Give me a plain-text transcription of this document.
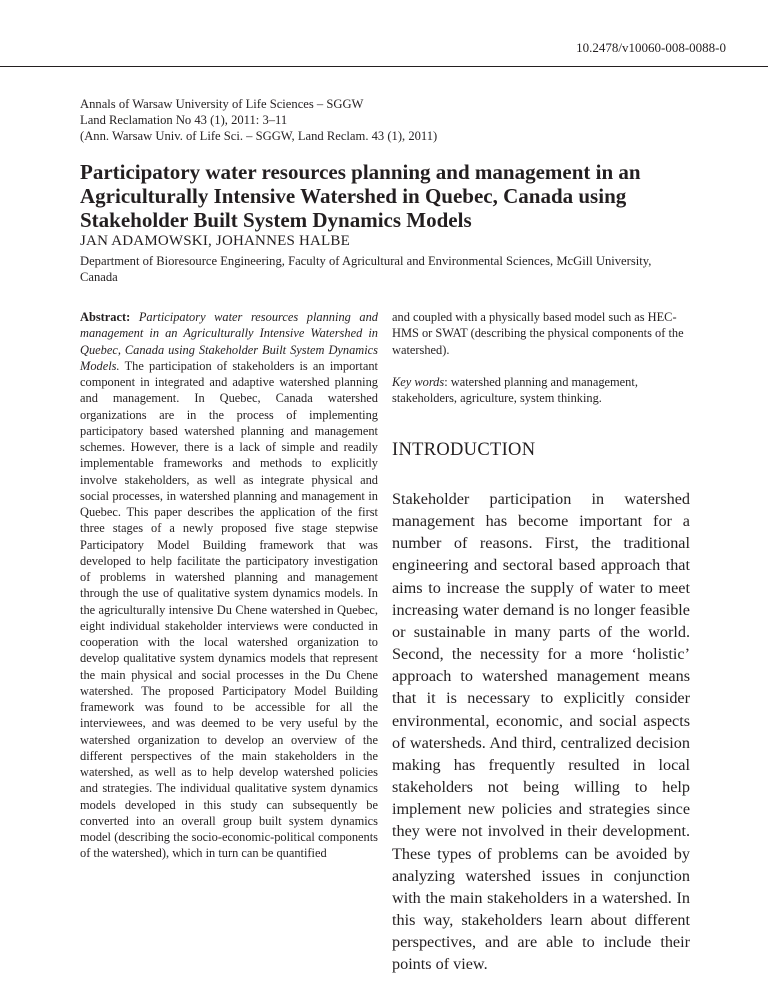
10.2478/v10060-008-0088-0
Annals of Warsaw University of Life Sciences – SGGW
Land Reclamation No 43 (1), 2011: 3–11
(Ann. Warsaw Univ. of Life Sci. – SGGW, Land Reclam. 43 (1), 2011)
Participatory water resources planning and management in an Agriculturally Intensive Watershed in Quebec, Canada using Stakeholder Built System Dynamics Models
JAN ADAMOWSKI, JOHANNES HALBE
Department of Bioresource Engineering, Faculty of Agricultural and Environmental Sciences, McGill University, Canada
Abstract: Participatory water resources planning and management in an Agriculturally Intensive Watershed in Quebec, Canada using Stakeholder Built System Dynamics Models. The participation of stakeholders is an important component in integrated and adaptive watershed planning and management. In Quebec, Canada watershed organizations are in the process of implementing participatory based watershed planning and management schemes. However, there is a lack of simple and readily implementable frameworks and methods to explicitly involve stakeholders, as well as integrate physical and social processes, in watershed planning and management in Quebec. This paper describes the application of the first three stages of a newly proposed five stage stepwise Participatory Model Building framework that was developed to help facilitate the participatory investigation of problems in watershed planning and management through the use of qualitative system dynamics models. In the agriculturally intensive Du Chene watershed in Quebec, eight individual stakeholder interviews were conducted in cooperation with the local watershed organization to develop qualitative system dynamics models that represent the main physical and social processes in the Du Chene watershed. The proposed Participatory Model Building framework was found to be accessible for all the interviewees, and was deemed to be very useful by the watershed organization to develop an overview of the different perspectives of the main stakeholders in the watershed, as well as to help develop watershed policies and strategies. The individual qualitative system dynamics models developed in this study can subsequently be converted into an overall group built system dynamics model (describing the socio-economic-political components of the watershed), which in turn can be quantified
and coupled with a physically based model such as HEC-HMS or SWAT (describing the physical components of the watershed).
Key words: watershed planning and management, stakeholders, agriculture, system thinking.
INTRODUCTION
Stakeholder participation in watershed management has become important for a number of reasons. First, the traditional engineering and sectoral based approach that aims to increase the supply of water to meet increasing water demand is no longer feasible or sustainable in many parts of the world. Second, the necessity for a more ‘holistic’ approach to watershed management means that it is necessary to explicitly consider environmental, economic, and social aspects of watersheds. And third, centralized decision making has frequently resulted in local stakeholders not being willing to help implement new policies and strategies since they were not involved in their development. These types of problems can be avoided by analyzing watershed issues in conjunction with the main stakeholders in a watershed. In this way, stakeholders learn about different perspectives, and are able to include their points of view.
